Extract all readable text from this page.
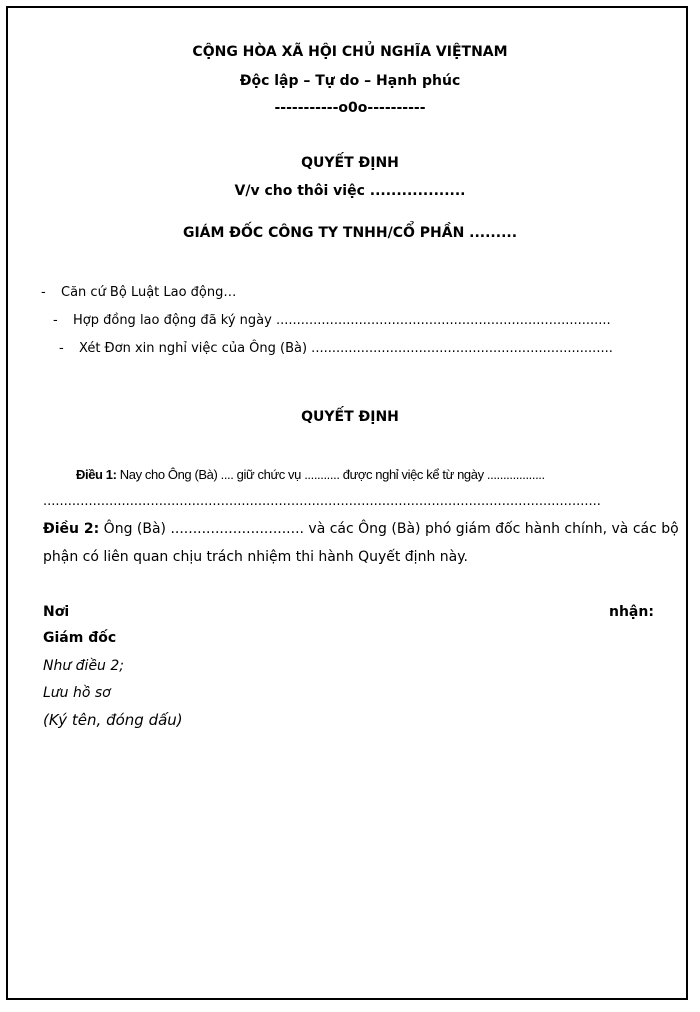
CỘNG HÒA XÃ HỘI CHỦ NGHĨA VIỆTNAM
Độc lập – Tự do – Hạnh phúc
-----------o0o----------
QUYẾT ĐỊNH
V/v cho thôi việc ..................
GIÁM ĐỐC CÔNG TY TNHH/CỔ PHẦN .........
- Căn cứ Bộ Luật Lao động…
- Hợp đồng lao động đã ký ngày .................................................................................
- Xét Đơn xin nghỉ việc của Ông (Bà) .........................................................................
QUYẾT ĐỊNH
Điều 1: Nay cho Ông (Bà) .... giữ chức vụ ........... được nghỉ việc kể từ ngày ..................
.......................................................................................................................................
Điều 2: Ông (Bà) .............................. và các Ông (Bà) phó giám đốc hành chính, và các bộ
phận có liên quan chịu trách nhiệm thi hành Quyết định này.
Nơi	nhận:
Giám đốc
Như điều 2;
Lưu hồ sơ
(Ký tên, đóng dấu)
